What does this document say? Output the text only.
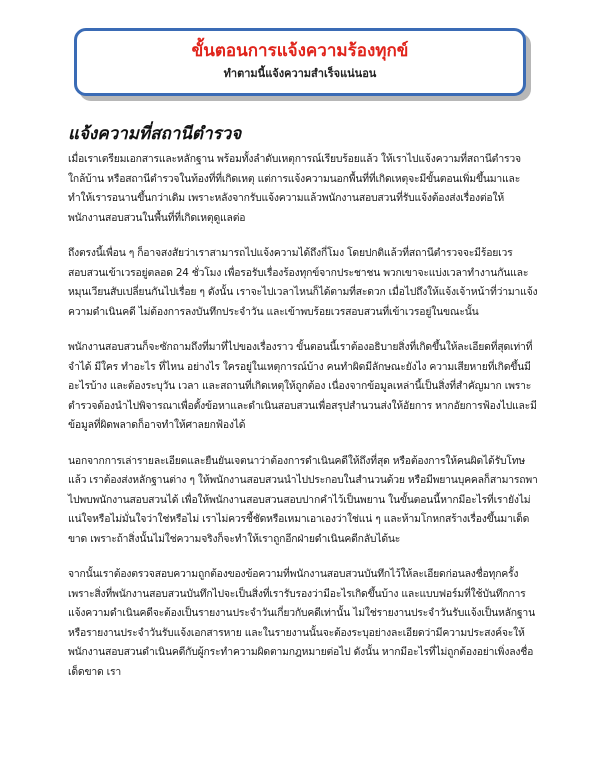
ขั้นตอนการแจ้งความร้องทุกข์
ทำตามนี้แจ้งความสำเร็จแน่นอน
แจ้งความที่สถานีตำรวจ

เมื่อเราเตรียมเอกสารและหลักฐาน พร้อมทั้งลำดับเหตุการณ์เรียบร้อยแล้ว ให้เราไปแจ้งความที่สถานีตำรวจใกล้บ้าน หรือสถานีตำรวจในท้องที่ที่เกิดเหตุ แต่การแจ้งความนอกพื้นที่ที่เกิดเหตุจะมีขั้นตอนเพิ่มขึ้นมาและทำให้เรารอนานขึ้นกว่าเดิม เพราะหลังจากรับแจ้งความแล้วพนักงานสอบสวนที่รับแจ้งต้องส่งเรื่องต่อให้พนักงานสอบสวนในพื้นที่ที่เกิดเหตุดูแลต่อ

ถึงตรงนี้เพื่อน ๆ ก็อาจสงสัยว่าเราสามารถไปแจ้งความได้ถึงกี่โมง โดยปกติแล้วที่สถานีตำรวจจะมีร้อยเวรสอบสวนเข้าเวรอยู่ตลอด 24 ชั่วโมง เพื่อรอรับเรื่องร้องทุกข์จากประชาชน พวกเขาจะแบ่งเวลาทำงานกันและหมุนเวียนสับเปลี่ยนกันไปเรื่อย ๆ ดังนั้น เราจะไปเวลาไหนก็ได้ตามที่สะดวก เมื่อไปถึงให้แจ้งเจ้าหน้าที่ว่ามาแจ้งความดำเนินคดี ไม่ต้องการลงบันทึกประจำวัน และเข้าพบร้อยเวรสอบสวนที่เข้าเวรอยู่ในขณะนั้น

พนักงานสอบสวนก็จะซักถามถึงที่มาที่ไปของเรื่องราว ขั้นตอนนี้เราต้องอธิบายสิ่งที่เกิดขึ้นให้ละเอียดที่สุดเท่าที่จำได้ มีใคร ทำอะไร ที่ไหน อย่างไร ใครอยู่ในเหตุการณ์บ้าง คนทำผิดมีลักษณะยังไง ความเสียหายที่เกิดขึ้นมีอะไรบ้าง และต้องระบุวัน เวลา และสถานที่เกิดเหตุให้ถูกต้อง เนื่องจากข้อมูลเหล่านี้เป็นสิ่งที่สำคัญมาก เพราะตำรวจต้องนำไปพิจารณาเพื่อตั้งข้อหาและดำเนินสอบสวนเพื่อสรุปสำนวนส่งให้อัยการ หากอัยการฟ้องไปและมีข้อมูลที่ผิดพลาดก็อาจทำให้ศาลยกฟ้องได้

นอกจากการเล่ารายละเอียดและยืนยันเจตนาว่าต้องการดำเนินคดีให้ถึงที่สุด หรือต้องการให้คนผิดได้รับโทษแล้ว เราต้องส่งหลักฐานต่าง ๆ ให้พนักงานสอบสวนนำไปประกอบในสำนวนด้วย หรือมีพยานบุคคลก็สามารถพาไปพบพนักงานสอบสวนได้ เพื่อให้พนักงานสอบสวนสอบปากคำไว้เป็นพยาน ในขั้นตอนนี้หากมีอะไรที่เรายังไม่แน่ใจหรือไม่มั่นใจว่าใช่หรือไม่ เราไม่ควรชี้ชัดหรือเหมาเอาเองว่าใช่แน่ ๆ และห้ามโกหกสร้างเรื่องขึ้นมาเด็ดขาด เพราะถ้าสิ่งนั้นไม่ใช่ความจริงก็จะทำให้เราถูกอีกฝ่ายดำเนินคดีกลับได้นะ

จากนั้นเราต้องตรวจสอบความถูกต้องของข้อความที่พนักงานสอบสวนบันทึกไว้ให้ละเอียดก่อนลงชื่อทุกครั้ง เพราะสิ่งที่พนักงานสอบสวนบันทึกไปจะเป็นสิ่งที่เรารับรองว่ามีอะไรเกิดขึ้นบ้าง และแบบฟอร์มที่ใช้บันทึกการแจ้งความดำเนินคดีจะต้องเป็นรายงานประจำวันเกี่ยวกับคดีเท่านั้น ไม่ใช่รายงานประจำวันรับแจ้งเป็นหลักฐาน หรือรายงานประจำวันรับแจ้งเอกสารหาย และในรายงานนั้นจะต้องระบุอย่างละเอียดว่ามีความประสงค์จะให้พนักงานสอบสวนดำเนินคดีกับผู้กระทำความผิดตามกฎหมายต่อไป ดังนั้น หากมีอะไรที่ไม่ถูกต้องอย่าเพิ่งลงชื่อเด็ดขาด เรา
